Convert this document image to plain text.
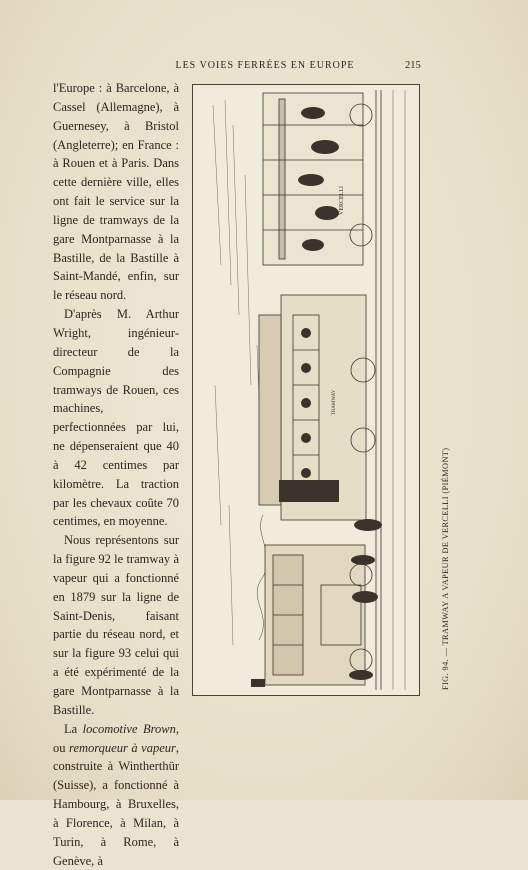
LES VOIES FERRÉES EN EUROPE	215

l'Europe : à Barcelone, à Cassel (Allemagne), à Guernesey, à Bristol (Angleterre); en France : à Rouen et à Paris. Dans cette dernière ville, elles ont fait le service sur la ligne de tramways de la gare Montparnasse à la Bastille, de la Bastille à Saint-Mandé, enfin, sur le réseau nord.

D'après M. Arthur Wright, ingénieur-directeur de la Compagnie des tramways de Rouen, ces machines, perfectionnées par lui, ne dépenseraient que 40 à 42 centimes par kilomètre. La traction par les chevaux coûte 70 centimes, en moyenne.

Nous représentons sur la figure 92 le tramway à vapeur qui a fonctionné en 1879 sur la ligne de Saint-Denis, faisant partie du réseau nord, et sur la figure 93 celui qui a été expérimenté de la gare Montparnasse à la Bastille.

La locomotive Brown, ou remorqueur à vapeur, construite à Wintherthür (Suisse), a fonctionné à Hambourg, à Bruxelles, à Florence, à Milan, à Turin, à Rome, à Genève, à

VERCELLI
TRAMWAY
FIG. 94. — TRAMWAY A VAPEUR DE VERCELLI (PIÉMONT)
